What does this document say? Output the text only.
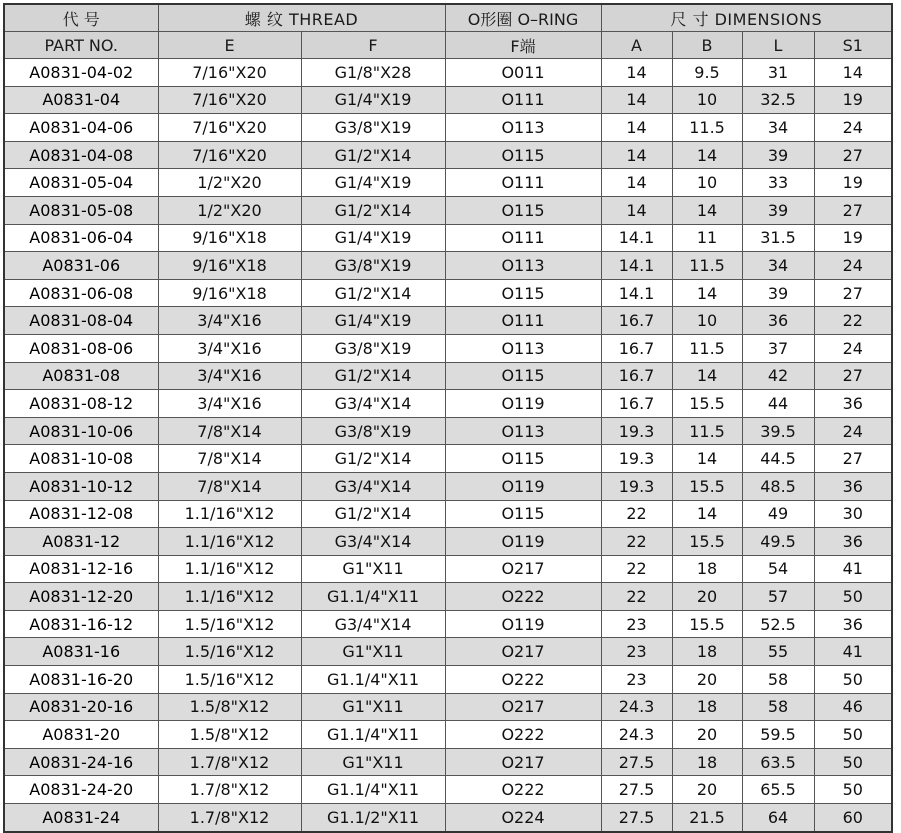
代 号	螺 纹 THREAD		O形圈 O–RING	尺 寸 DIMENSIONS			
PART NO.	E	F	F端	A	B	L	S1
A0831-04-02	7/16"X20	G1/8"X28	O011	14	9.5	31	14
A0831-04	7/16"X20	G1/4"X19	O111	14	10	32.5	19
A0831-04-06	7/16"X20	G3/8"X19	O113	14	11.5	34	24
A0831-04-08	7/16"X20	G1/2"X14	O115	14	14	39	27
A0831-05-04	1/2"X20	G1/4"X19	O111	14	10	33	19
A0831-05-08	1/2"X20	G1/2"X14	O115	14	14	39	27
A0831-06-04	9/16"X18	G1/4"X19	O111	14.1	11	31.5	19
A0831-06	9/16"X18	G3/8"X19	O113	14.1	11.5	34	24
A0831-06-08	9/16"X18	G1/2"X14	O115	14.1	14	39	27
A0831-08-04	3/4"X16	G1/4"X19	O111	16.7	10	36	22
A0831-08-06	3/4"X16	G3/8"X19	O113	16.7	11.5	37	24
A0831-08	3/4"X16	G1/2"X14	O115	16.7	14	42	27
A0831-08-12	3/4"X16	G3/4"X14	O119	16.7	15.5	44	36
A0831-10-06	7/8"X14	G3/8"X19	O113	19.3	11.5	39.5	24
A0831-10-08	7/8"X14	G1/2"X14	O115	19.3	14	44.5	27
A0831-10-12	7/8"X14	G3/4"X14	O119	19.3	15.5	48.5	36
A0831-12-08	1.1/16"X12	G1/2"X14	O115	22	14	49	30
A0831-12	1.1/16"X12	G3/4"X14	O119	22	15.5	49.5	36
A0831-12-16	1.1/16"X12	G1"X11	O217	22	18	54	41
A0831-12-20	1.1/16"X12	G1.1/4"X11	O222	22	20	57	50
A0831-16-12	1.5/16"X12	G3/4"X14	O119	23	15.5	52.5	36
A0831-16	1.5/16"X12	G1"X11	O217	23	18	55	41
A0831-16-20	1.5/16"X12	G1.1/4"X11	O222	23	20	58	50
A0831-20-16	1.5/8"X12	G1"X11	O217	24.3	18	58	46
A0831-20	1.5/8"X12	G1.1/4"X11	O222	24.3	20	59.5	50
A0831-24-16	1.7/8"X12	G1"X11	O217	27.5	18	63.5	50
A0831-24-20	1.7/8"X12	G1.1/4"X11	O222	27.5	20	65.5	50
A0831-24	1.7/8"X12	G1.1/2"X11	O224	27.5	21.5	64	60
